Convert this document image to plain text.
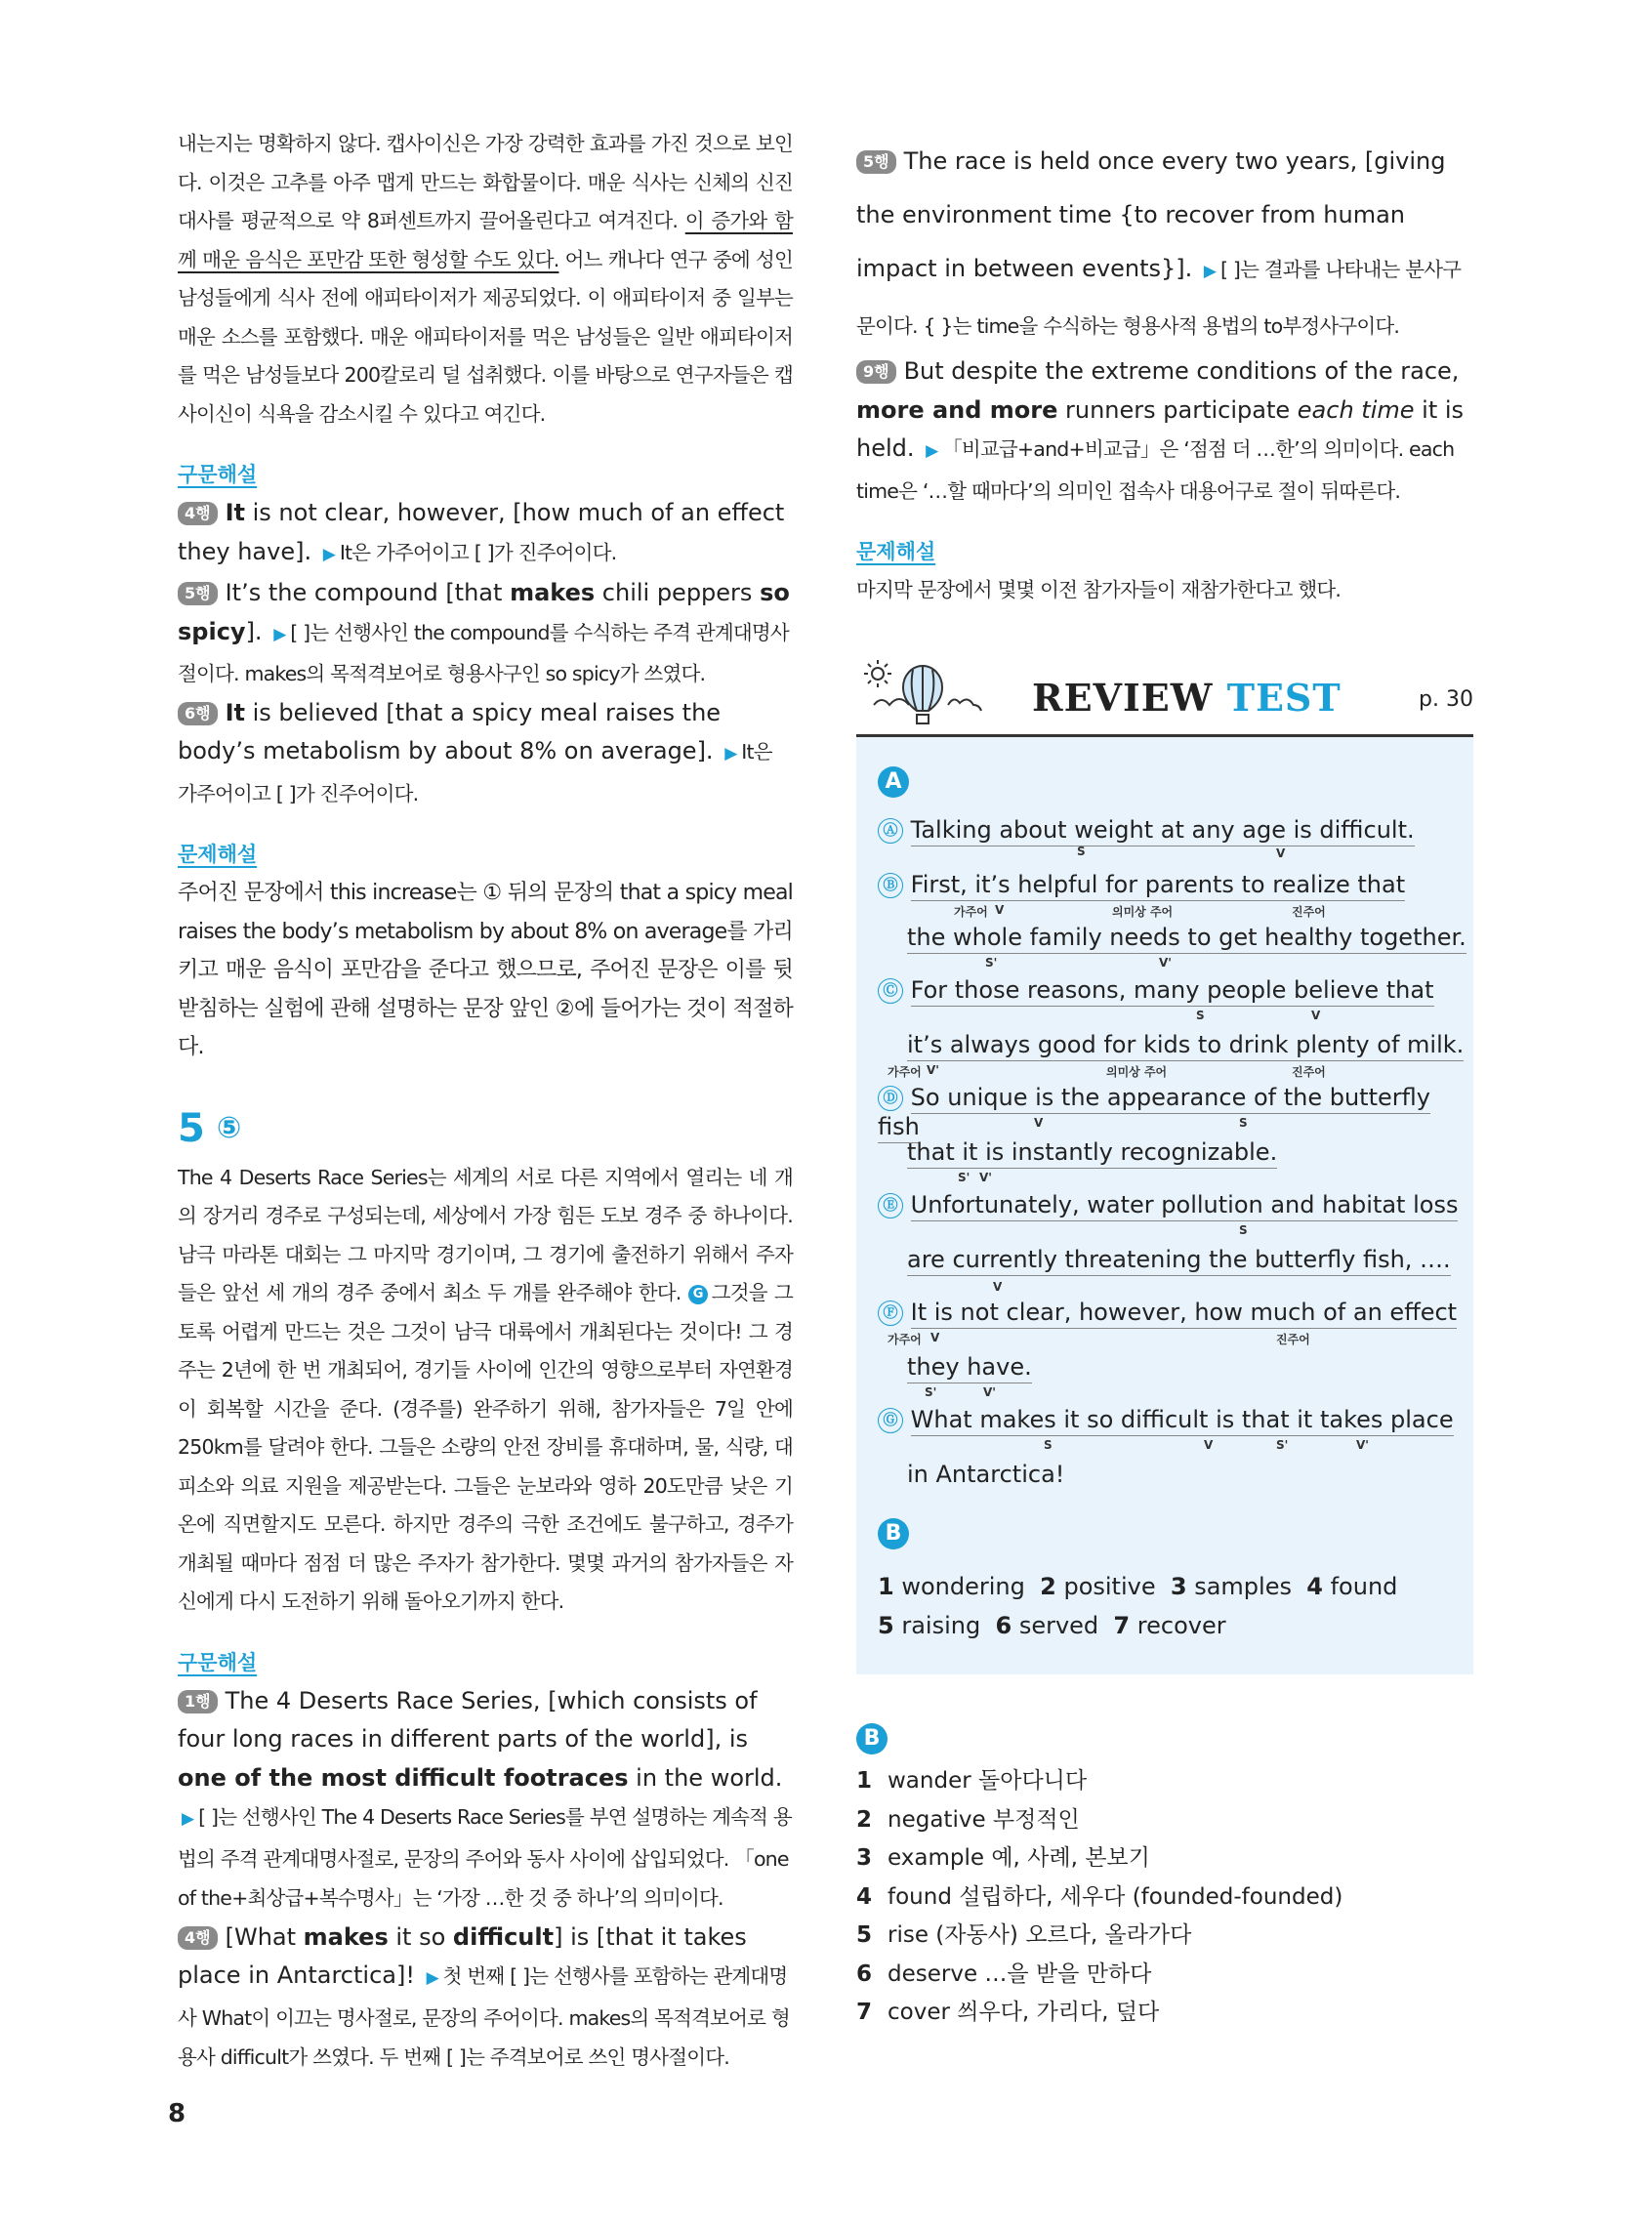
내는지는 명확하지 않다. 캡사이신은 가장 강력한 효과를 가진 것으로 보인다. 이것은 고추를 아주 맵게 만드는 화합물이다. 매운 식사는 신체의 신진대사를 평균적으로 약 8퍼센트까지 끌어올린다고 여겨진다. 이 증가와 함께 매운 음식은 포만감 또한 형성할 수도 있다. 어느 캐나다 연구 중에 성인 남성들에게 식사 전에 애피타이저가 제공되었다. 이 애피타이저 중 일부는 매운 소스를 포함했다. 매운 애피타이저를 먹은 남성들은 일반 애피타이저를 먹은 남성들보다 200칼로리 덜 섭취했다. 이를 바탕으로 연구자들은 캡사이신이 식욕을 감소시킬 수 있다고 여긴다.

구문해설

4행 It is not clear, however, [how much of an effect they have]. ▶ It은 가주어이고 [ ]가 진주어이다.

5행 It’s the compound [that makes chili peppers so spicy]. ▶ [ ]는 선행사인 the compound를 수식하는 주격 관계대명사절이다. makes의 목적격보어로 형용사구인 so spicy가 쓰였다.

6행 It is believed [that a spicy meal raises the body’s metabolism by about 8% on average]. ▶ It은 가주어이고 [ ]가 진주어이다.

문제해설

주어진 문장에서 this increase는 ① 뒤의 문장의 that a spicy meal raises the body’s metabolism by about 8% on average를 가리키고 매운 음식이 포만감을 준다고 했으므로, 주어진 문장은 이를 뒷받침하는 실험에 관해 설명하는 문장 앞인 ②에 들어가는 것이 적절하다.

5 ⑤

The 4 Deserts Race Series는 세계의 서로 다른 지역에서 열리는 네 개의 장거리 경주로 구성되는데, 세상에서 가장 힘든 도보 경주 중 하나이다. 남극 마라톤 대회는 그 마지막 경기이며, 그 경기에 출전하기 위해서 주자들은 앞선 세 개의 경주 중에서 최소 두 개를 완주해야 한다. G 그것을 그토록 어렵게 만드는 것은 그것이 남극 대륙에서 개최된다는 것이다! 그 경주는 2년에 한 번 개최되어, 경기들 사이에 인간의 영향으로부터 자연환경이 회복할 시간을 준다. (경주를) 완주하기 위해, 참가자들은 7일 안에 250km를 달려야 한다. 그들은 소량의 안전 장비를 휴대하며, 물, 식량, 대피소와 의료 지원을 제공받는다. 그들은 눈보라와 영하 20도만큼 낮은 기온에 직면할지도 모른다. 하지만 경주의 극한 조건에도 불구하고, 경주가 개최될 때마다 점점 더 많은 주자가 참가한다. 몇몇 과거의 참가자들은 자신에게 다시 도전하기 위해 돌아오기까지 한다.

구문해설

1행 The 4 Deserts Race Series, [which consists of four long races in different parts of the world], is one of the most difficult footraces in the world. ▶ [ ]는 선행사인 The 4 Deserts Race Series를 부연 설명하는 계속적 용법의 주격 관계대명사절로, 문장의 주어와 동사 사이에 삽입되었다. 「one of the+최상급+복수명사」는 ‘가장 …한 것 중 하나’의 의미이다.

4행 [What makes it so difficult] is [that it takes place in Antarctica]! ▶ 첫 번째 [ ]는 선행사를 포함하는 관계대명사 What이 이끄는 명사절로, 문장의 주어이다. makes의 목적격보어로 형용사 difficult가 쓰였다. 두 번째 [ ]는 주격보어로 쓰인 명사절이다.

5행 The race is held once every two years, [giving the environment time {to recover from human impact in between events}]. ▶ [ ]는 결과를 나타내는 분사구문이다. { }는 time을 수식하는 형용사적 용법의 to부정사구이다.

9행 But despite the extreme conditions of the race, more and more runners participate each time it is held. ▶ 「비교급+and+비교급」은 ‘점점 더 …한’의 의미이다. each time은 ‘…할 때마다’의 의미인 접속사 대용어구로 절이 뒤따른다.

문제해설

마지막 문장에서 몇몇 이전 참가자들이 재참가한다고 했다.

REVIEW TEST	p. 30
A
Ⓐ Talking about weight at any age is difficult.
S	V
Ⓑ First, it’s helpful for parents to realize that
가주어 V	의미상 주어	진주어
the whole family needs to get healthy together.
S'	V'
Ⓒ For those reasons, many people believe that
S	V
it’s always good for kids to drink plenty of milk.
가주어 V'	의미상 주어	진주어
Ⓓ So unique is the appearance of the butterfly fish	V	S
that it is instantly recognizable.
S' V'
Ⓔ Unfortunately, water pollution and habitat loss
S
are currently threatening the butterfly fish, ….
V
Ⓕ It is not clear, however, how much of an effect
가주어 V	진주어
they have.
S'	V'
Ⓖ What makes it so difficult is that it takes place
S	V	S'	V'
in Antarctica!
B
1 wondering 2 positive 3 samples 4 found
5 raising 6 served 7 recover
B
1 wander 돌아다니다
2 negative 부정적인
3 example 예, 사례, 본보기
4 found 설립하다, 세우다 (founded-founded)
5 rise (자동사) 오르다, 올라가다
6 deserve …을 받을 만하다
7 cover 씌우다, 가리다, 덮다
8
